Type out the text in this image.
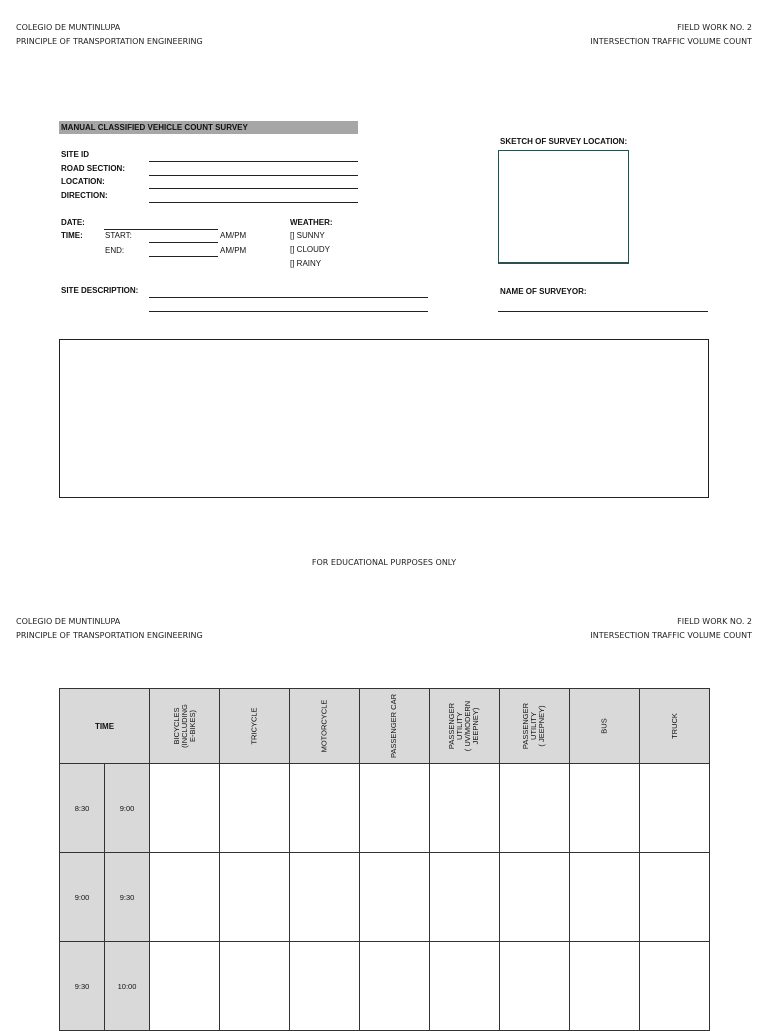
COLEGIO DE MUNTINLUPA
PRINCIPLE OF TRANSPORTATION ENGINEERING
FIELD WORK NO. 2
INTERSECTION TRAFFIC VOLUME COUNT
MANUAL CLASSIFIED VEHICLE COUNT SURVEY
SITE ID
ROAD SECTION:
LOCATION:
DIRECTION:
DATE:
TIME:	START:	AM/PM
END:	AM/PM
WEATHER:
[] SUNNY
[] CLOUDY
[] RAINY
SITE DESCRIPTION:
SKETCH OF SURVEY LOCATION:
NAME OF SURVEYOR:
FOR EDUCATIONAL PURPOSES ONLY
COLEGIO DE MUNTINLUPA
PRINCIPLE OF TRANSPORTATION ENGINEERING
FIELD WORK NO. 2
INTERSECTION TRAFFIC VOLUME COUNT
TIME		BICYCLES
(INCLUDING
E-BIKES)	TRICYCLE	MOTORCYCLE	PASSENGER CAR	PASSENGER
UTILITY
( UV/MODERN
JEEPNEY)	PASSENGER
UTILITY
( JEEPNEY)	BUS	TRUCK

8:30	9:00								
9:00	9:30								
9:30	10:00								
